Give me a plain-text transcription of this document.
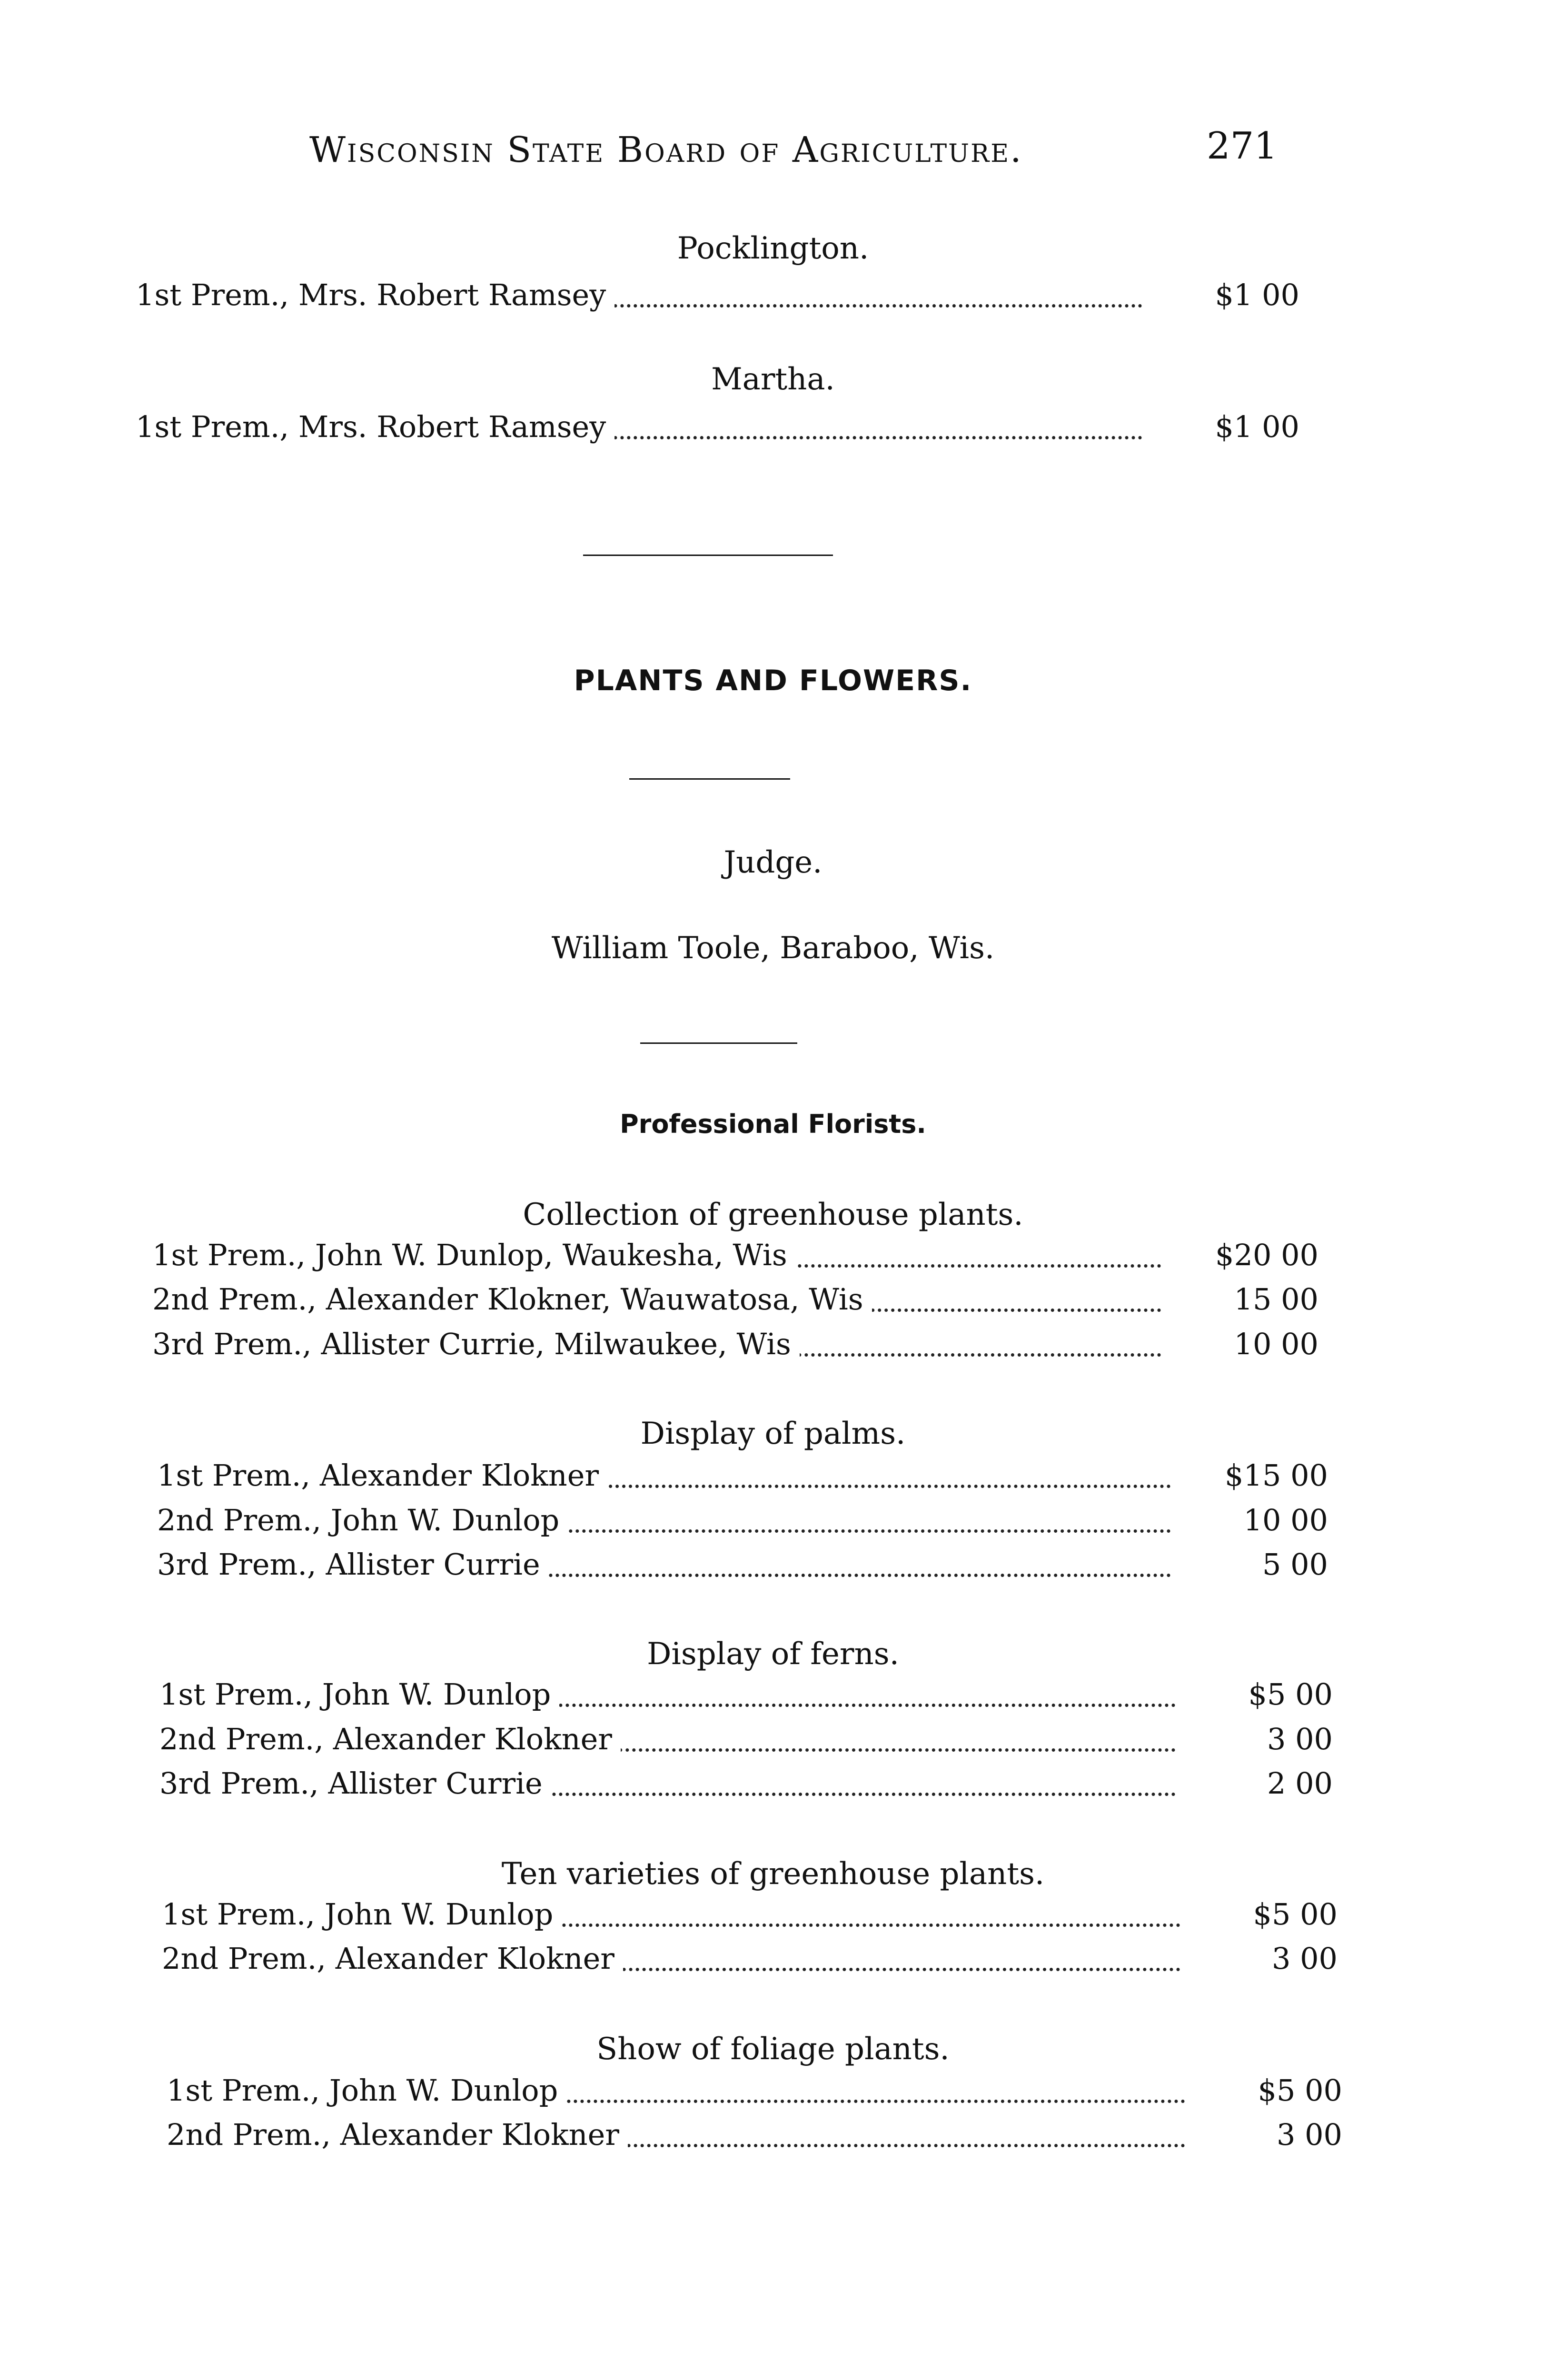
Wisconsin State Board of Agriculture.	271
Pocklington.
1st Prem., Mrs. Robert Ramsey	$1 00
Martha.
1st Prem., Mrs. Robert Ramsey	$1 00
PLANTS AND FLOWERS.
Judge.
William Toole, Baraboo, Wis.
Professional Florists.
Collection of greenhouse plants.
1st Prem., John W. Dunlop, Waukesha, Wis	$20 00
2nd Prem., Alexander Klokner, Wauwatosa, Wis	15 00
3rd Prem., Allister Currie, Milwaukee, Wis	10 00
Display of palms.
1st Prem., Alexander Klokner	$15 00
2nd Prem., John W. Dunlop	10 00
3rd Prem., Allister Currie	5 00
Display of ferns.
1st Prem., John W. Dunlop	$5 00
2nd Prem., Alexander Klokner	3 00
3rd Prem., Allister Currie	2 00
Ten varieties of greenhouse plants.
1st Prem., John W. Dunlop	$5 00
2nd Prem., Alexander Klokner	3 00
Show of foliage plants.
1st Prem., John W. Dunlop	$5 00
2nd Prem., Alexander Klokner	3 00
